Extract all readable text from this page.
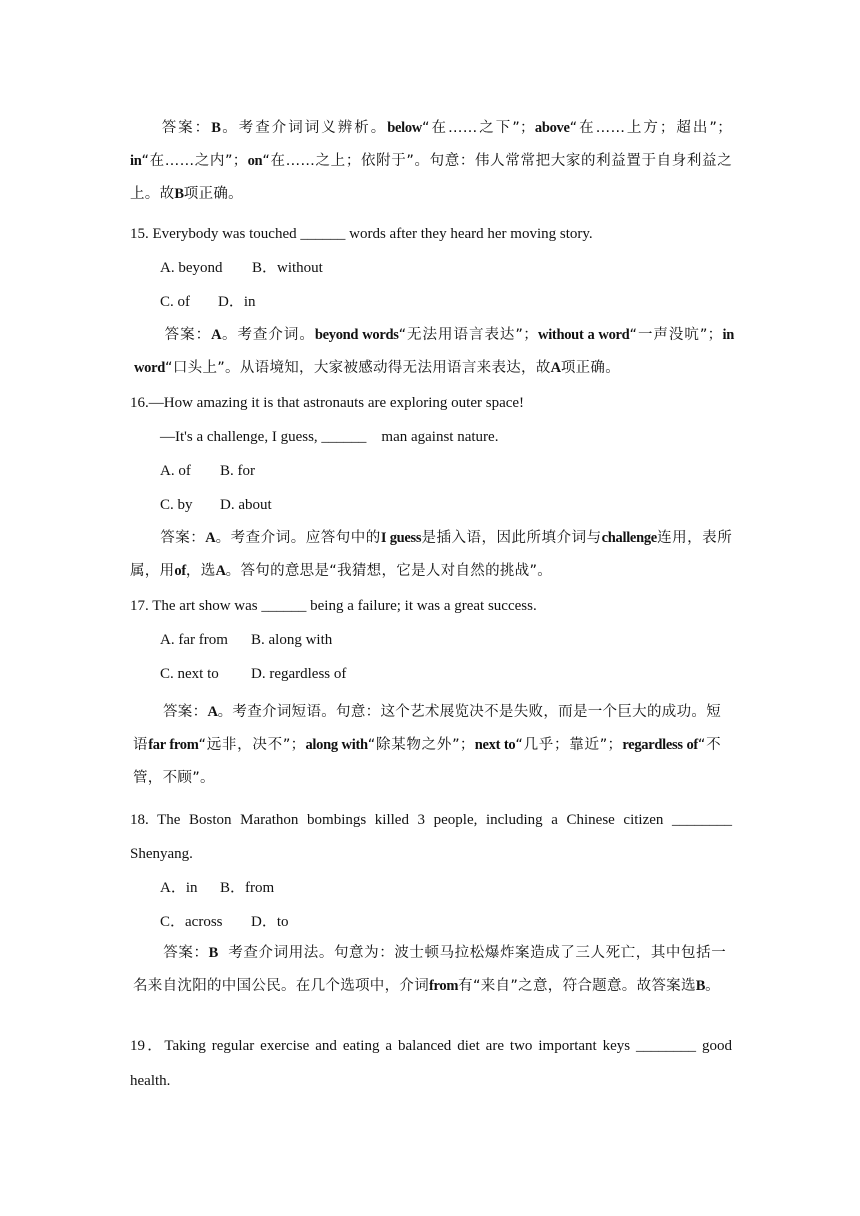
答案：B。考查介词词义辨析。below“在……之下”；above“在……上方；超出”；in“在……之内”；on“在……之上；依附于”。句意：伟人常常把大家的利益置于自身利益之上。故B项正确。

15. Everybody was touched ______ words after they heard her moving story.

A. beyond B．without

C. of D．in

答案：A。考查介词。beyond words“无法用语言表达”；without a word“一声没吭”；in word“口头上”。从语境知，大家被感动得无法用语言来表达，故A项正确。

16.—How amazing it is that astronauts are exploring outer space!

—It's a challenge, I guess, ______    man against nature.

A. of B. for

C. by D. about

答案：A。考查介词。应答句中的I guess是插入语，因此所填介词与challenge连用，表所属，用of，选A。答句的意思是“我猜想，它是人对自然的挑战”。

17. The art show was ______ being a failure; it was a great success.

A. far from B. along with

C. next to D. regardless of

答案：A。考查介词短语。句意：这个艺术展览决不是失败，而是一个巨大的成功。短语far from“远非，决不”；along with“除某物之外”；next to“几乎；靠近”；regardless of“不管，不顾”。

18. The Boston Marathon bombings killed 3 people, including a Chinese citizen ________

Shenyang.

A．in B．from

C．across D．to

答案：B  考查介词用法。句意为：波士顿马拉松爆炸案造成了三人死亡，其中包括一名来自沈阳的中国公民。在几个选项中，介词from有“来自”之意，符合题意。故答案选B。

19．Taking regular exercise and eating a balanced diet are two important keys ________ good

health.
